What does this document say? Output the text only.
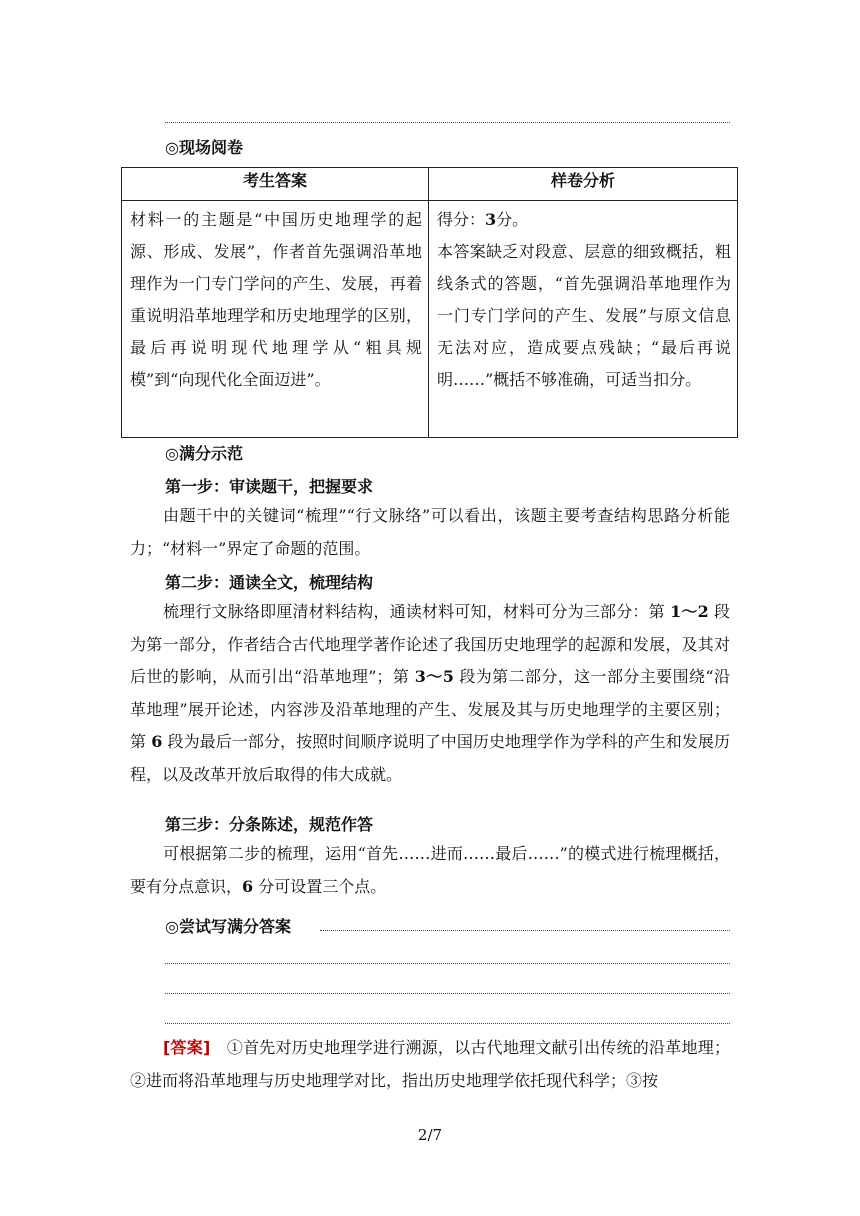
◎现场阅卷
考生答案	样卷分析
材料一的主题是“中国历史地理学的起源、形成、发展”，作者首先强调沿革地理作为一门专门学问的产生、发展，再着重说明沿革地理学和历史地理学的区别，最后再说明现代地理学从“粗具规模”到“向现代化全面迈进”。	得分：3分。
本答案缺乏对段意、层意的细致概括，粗线条式的答题，“首先强调沿革地理作为一门专门学问的产生、发展”与原文信息无法对应，造成要点残缺；“最后再说明……”概括不够准确，可适当扣分。
◎满分示范
第一步：审读题干，把握要求

由题干中的关键词“梳理”“行文脉络”可以看出，该题主要考查结构思路分析能力；“材料一”界定了命题的范围。

第二步：通读全文，梳理结构

梳理行文脉络即厘清材料结构，通读材料可知，材料可分为三部分：第 1～2 段为第一部分，作者结合古代地理学著作论述了我国历史地理学的起源和发展，及其对后世的影响，从而引出“沿革地理”；第 3～5 段为第二部分，这一部分主要围绕“沿革地理”展开论述，内容涉及沿革地理的产生、发展及其与历史地理学的主要区别；第 6 段为最后一部分，按照时间顺序说明了中国历史地理学作为学科的产生和发展历程，以及改革开放后取得的伟大成就。

第三步：分条陈述，规范作答

可根据第二步的梳理，运用“首先……进而……最后……”的模式进行梳理概括，要有分点意识，6 分可设置三个点。

◎尝试写满分答案

[答案]　 ①首先对历史地理学进行溯源，以古代地理文献引出传统的沿革地理；②进而将沿革地理与历史地理学对比，指出历史地理学依托现代科学；③按

2/7
